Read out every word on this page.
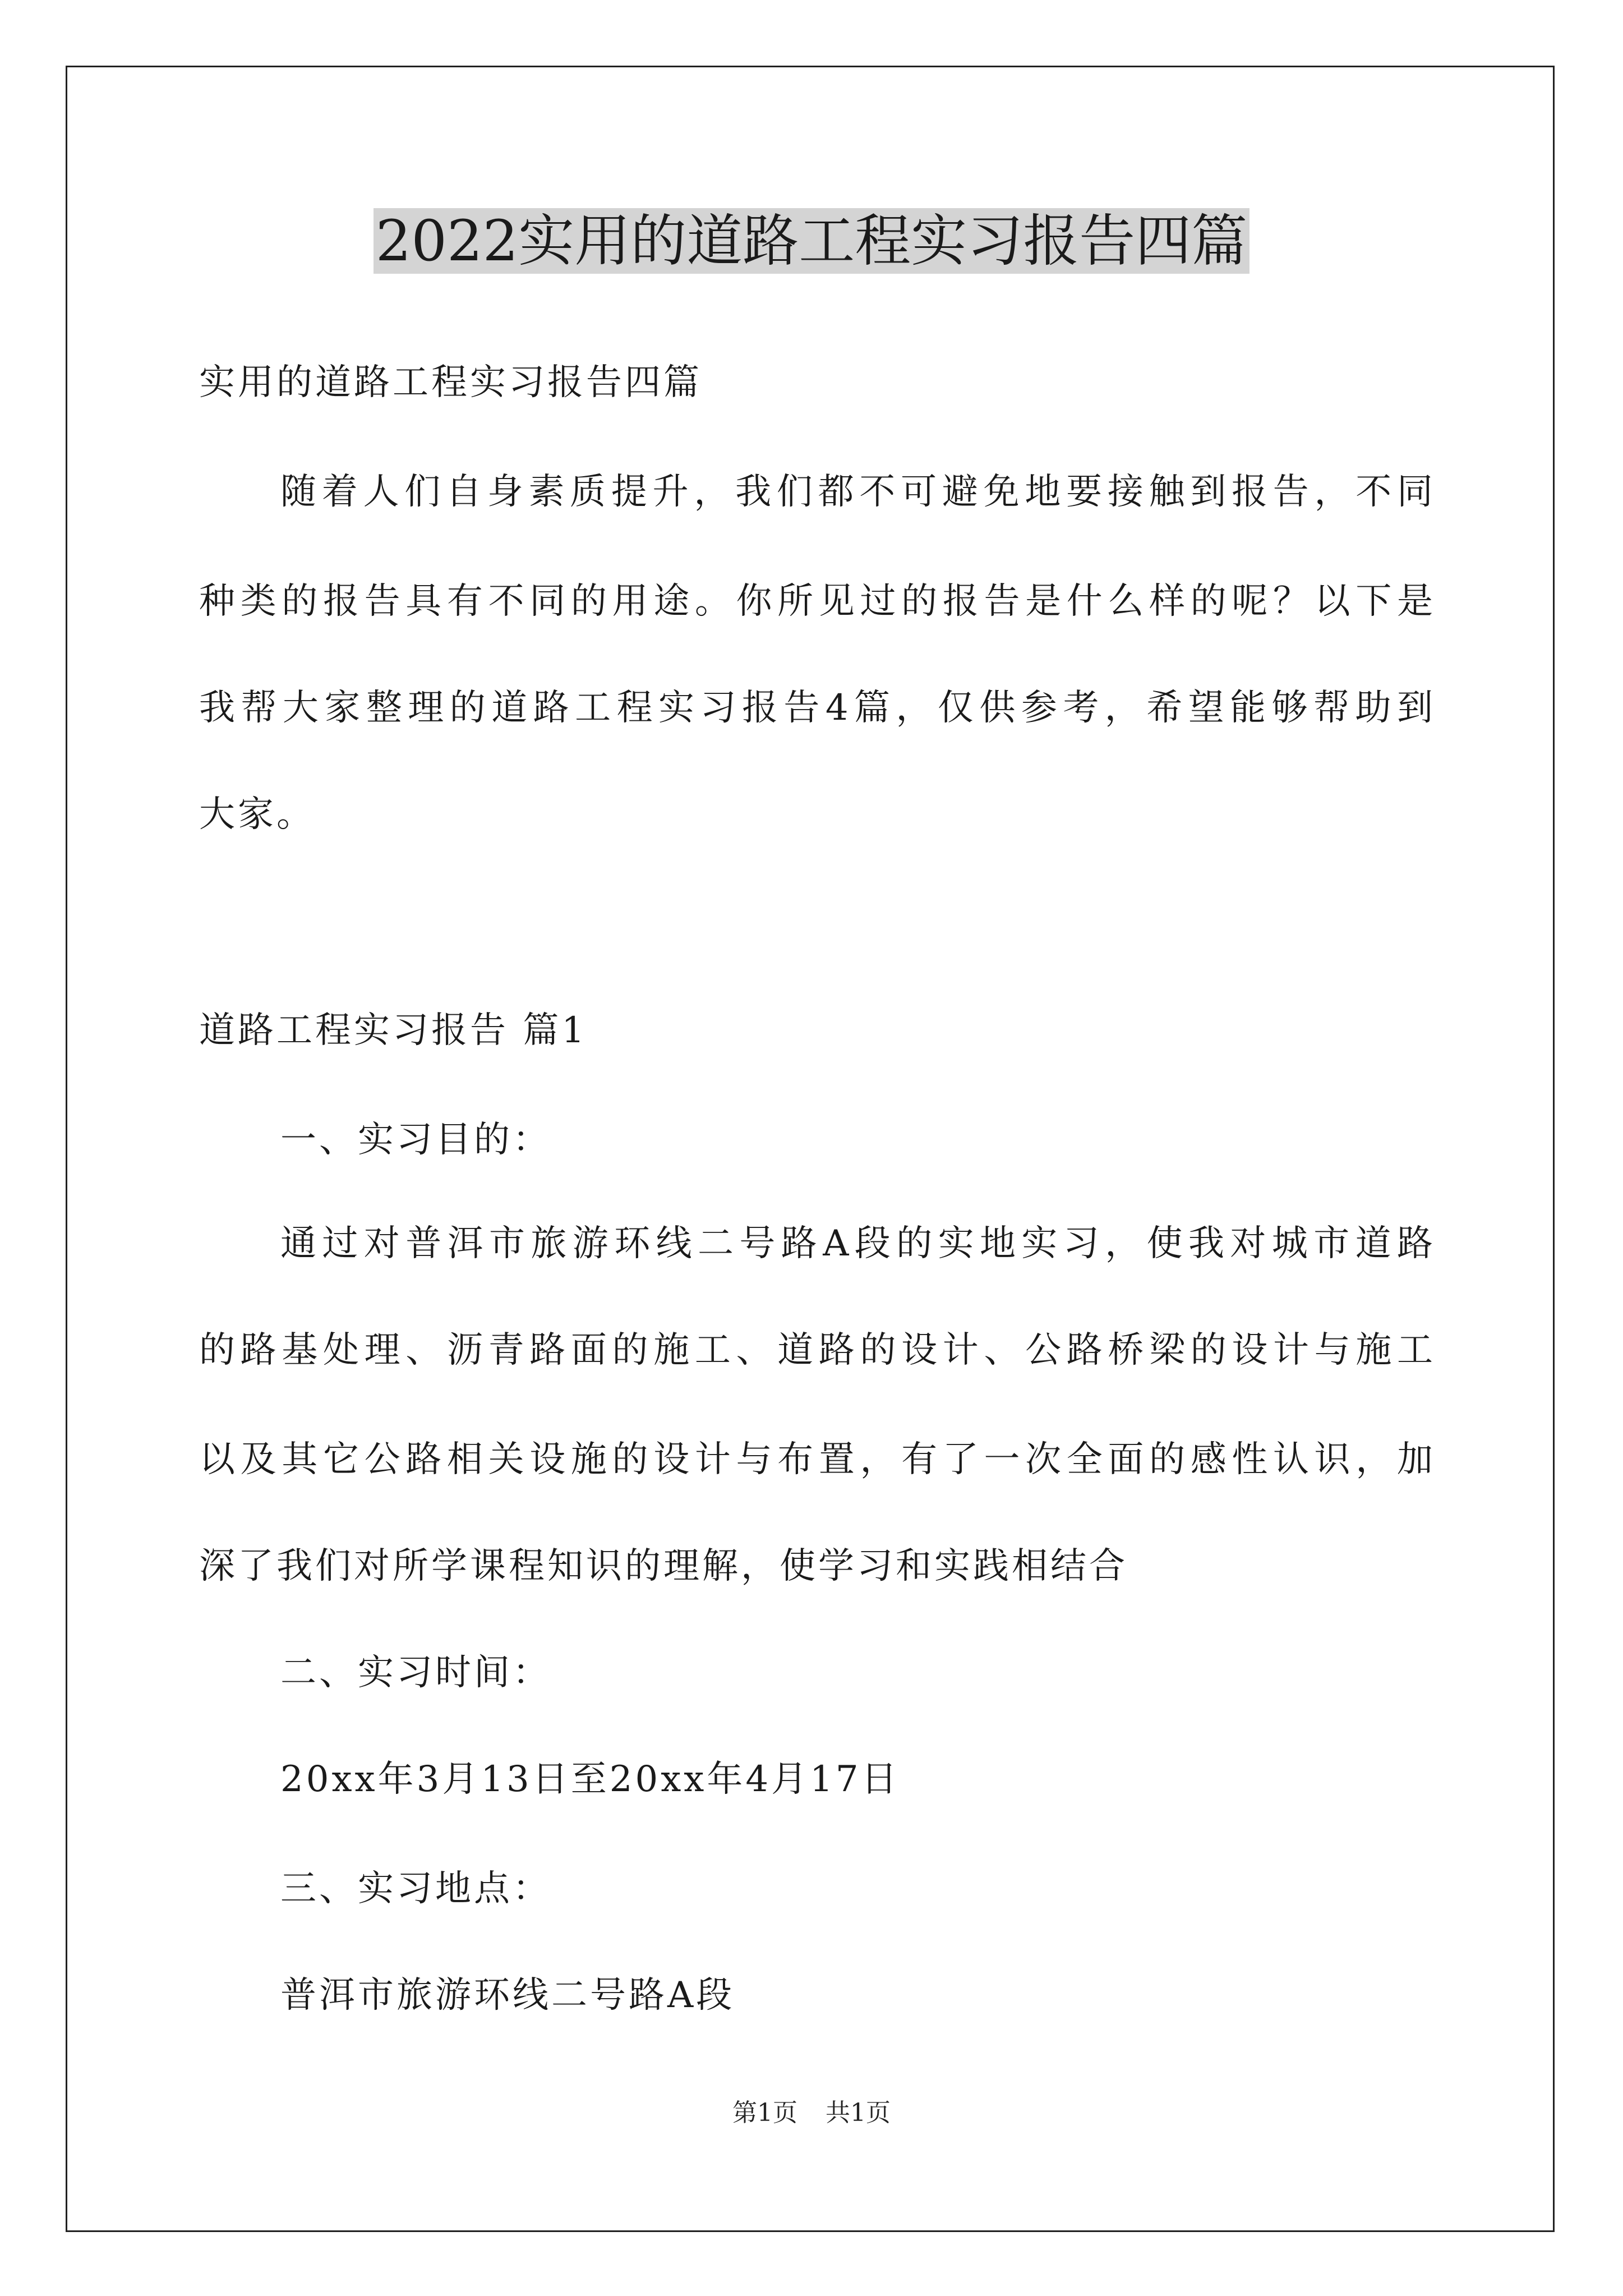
2022实用的道路工程实习报告四篇
实用的道路工程实习报告四篇
随着人们自身素质提升，我们都不可避免地要接触到报告，不同
种类的报告具有不同的用途。你所见过的报告是什么样的呢？以下是
我帮大家整理的道路工程实习报告4篇，仅供参考，希望能够帮助到
大家。
道路工程实习报告 篇1
一、实习目的：
通过对普洱市旅游环线二号路A段的实地实习，使我对城市道路
的路基处理、沥青路面的施工、道路的设计、公路桥梁的设计与施工
以及其它公路相关设施的设计与布置，有了一次全面的感性认识，加
深了我们对所学课程知识的理解，使学习和实践相结合
二、实习时间：
20xx年3月13日至20xx年4月17日
三、实习地点：
普洱市旅游环线二号路A段
第1页 共1页
